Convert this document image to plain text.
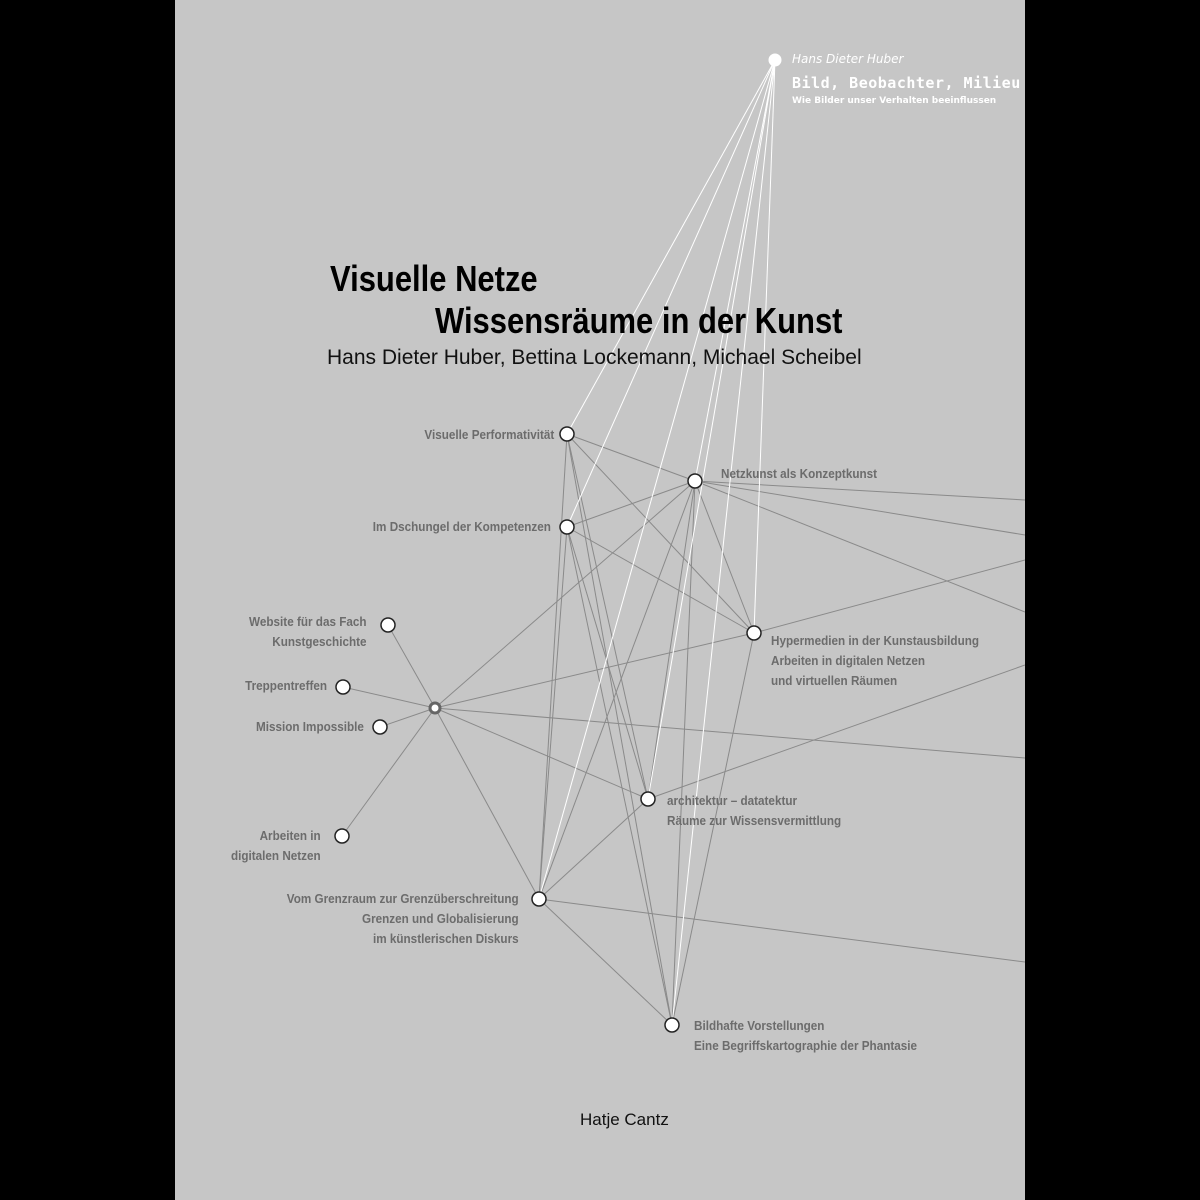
Hans Dieter Huber

Bild, Beobachter, Milieu

Wie Bilder unser Verhalten beeinflussen

Visuelle Netze
Wissensräume in der Kunst

Hans Dieter Huber, Bettina Lockemann, Michael Scheibel

Visuelle Performativität
Netzkunst als Konzeptkunst
Im Dschungel der Kompetenzen
Website für das Fach
Kunstgeschichte
Treppentreffen
Mission Impossible
Hypermedien in der Kunstausbildung
Arbeiten in digitalen Netzen
und virtuellen Räumen
architektur – datatektur
Räume zur Wissensvermittlung
Arbeiten in
digitalen Netzen
Vom Grenzraum zur Grenzüberschreitung
Grenzen und Globalisierung
im künstlerischen Diskurs
Bildhafte Vorstellungen
Eine Begriffskartographie der Phantasie

Hatje Cantz
